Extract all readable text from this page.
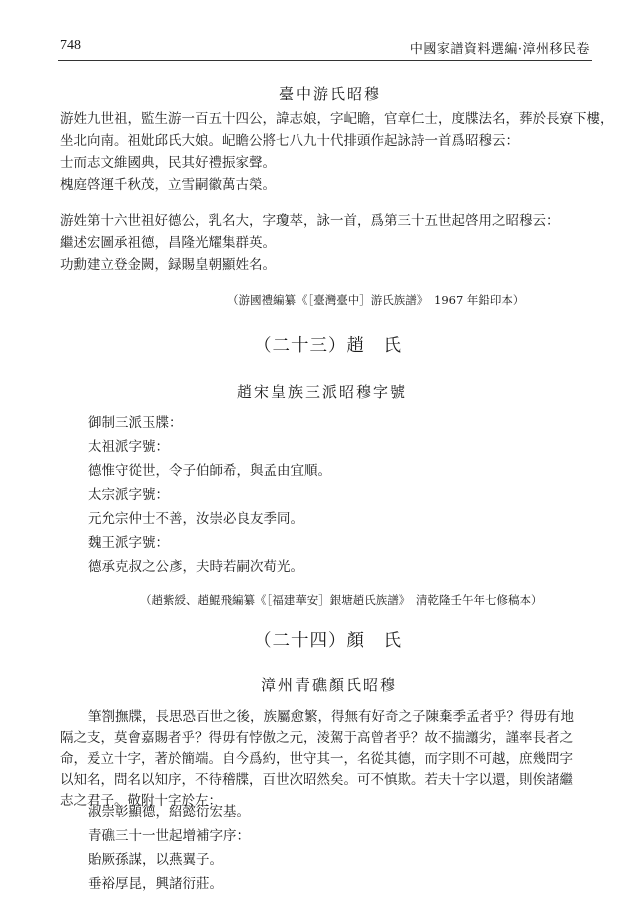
748	中國家譜資料選編·漳州移民卷
臺中游氏昭穆
游姓九世祖，監生游一百五十四公，諱志娘，字屺瞻，官章仁士，度牒法名，葬於長寮下樓，
坐北向南。祖妣邱氏大娘。屺瞻公將七八九十代排頭作起詠詩一首爲昭穆云：
士而志文維國典，民其好禮振家聲。
槐庭啓運千秋茂，立雪嗣徽萬古榮。
游姓第十六世祖好德公，乳名大，字瓊萃，詠一首，爲第三十五世起啓用之昭穆云：
繼述宏圖承祖德，昌隆光耀集群英。
功勳建立登金闕，録賜皇朝顯姓名。
（游國禮編纂《［臺灣臺中］游氏族譜》　1967 年鉛印本）
（二十三）趙　氏
趙宋皇族三派昭穆字號
御制三派玉牒：
太祖派字號：
德惟守從世，令子伯師希，與孟由宜順。
太宗派字號：
元允宗仲士不善，汝崇必良友季同。
魏王派字號：
德承克叔之公彥，夫時若嗣次荀光。
（趙紫綬、趙鯤飛編纂《［福建華安］銀塘趙氏族譜》　清乾隆壬午年七修稿本）
（二十四）顏　氏
漳州青礁顏氏昭穆
筆劄撫牒，長思恐百世之後，族屬愈繁，得無有好奇之子陳棄季孟者乎？得毋有地隔之支，莫會嘉賜者乎？得毋有悖傲之元，淩駕于高曾者乎？故不揣譾劣，謹率長者之命，爰立十字，著於簡端。自今爲約，世守其一，名從其德，而字則不可越，庶幾問字以知名，問名以知序，不待稽牒，百世次昭然矣。可不慎欺。若夫十字以還，則俟諸繼志之君子。敬附十字於左：
淑崇彰顯德，紹懿衍宏基。
青礁三十一世起增補字序：
貽厥孫謀，以燕翼子。
垂裕厚昆，興諸衍莊。
